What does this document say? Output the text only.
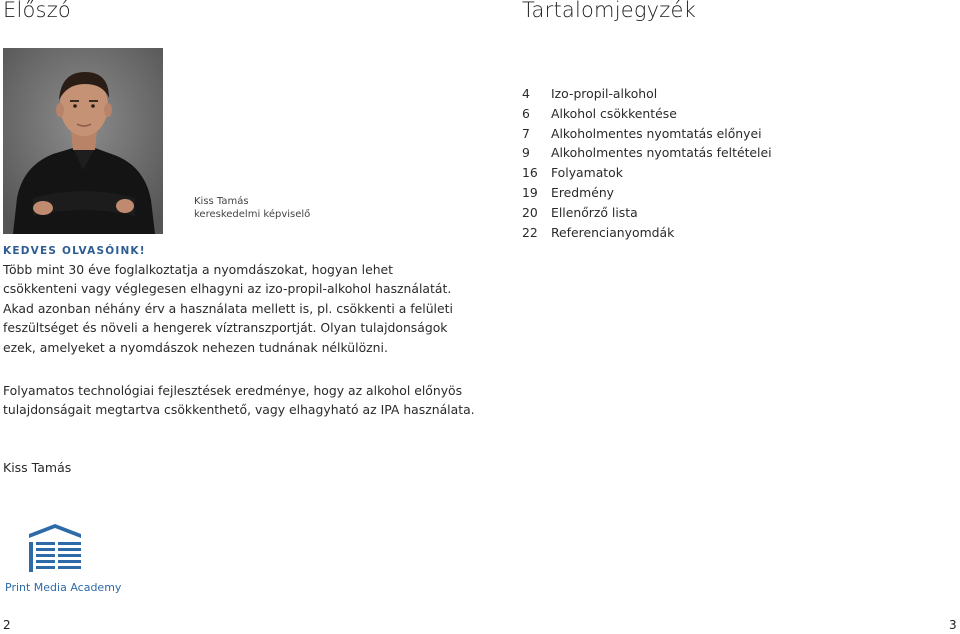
Előszó
Kiss Tamás
kereskedelmi képviselő
KEDVES OLVASÓINK!
Több mint 30 éve foglalkoztatja a nyomdászokat, hogyan lehet csökkenteni vagy véglegesen elhagyni az izo-propil-alkohol használatát. Akad azonban néhány érv a használata mellett is, pl. csökkenti a felületi feszültséget és növeli a hengerek víztranszportját. Olyan tulajdonságok ezek, amelyeket a nyomdászok nehezen tudnának nélkülözni.
Folyamatos technológiai fejlesztések eredménye, hogy az alkohol előnyös tulajdonságait megtartva csökkenthető, vagy elhagyható az IPA használata.
Kiss Tamás
Print Media Academy
2
Tartalomjegyzék
4 Izo-propil-alkohol
6 Alkohol csökkentése
7 Alkoholmentes nyomtatás előnyei
9 Alkoholmentes nyomtatás feltételei
16 Folyamatok
19 Eredmény
20 Ellenőrző lista
22 Referencianyomdák
3
